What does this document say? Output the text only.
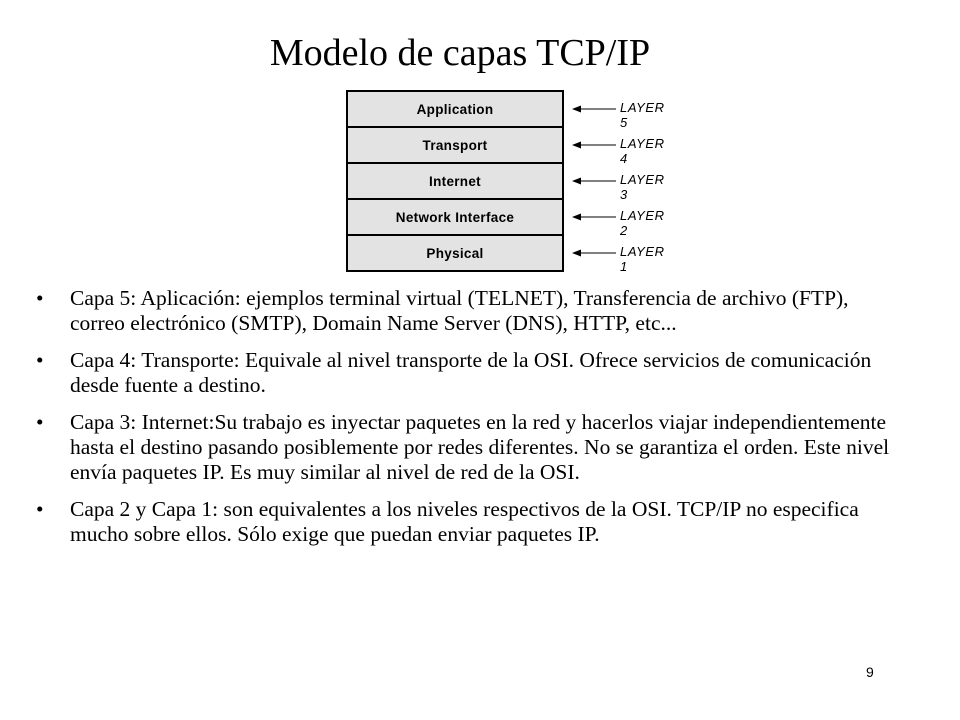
Modelo de capas TCP/IP
Application	LAYER 5
Transport	LAYER 4
Internet	LAYER 3
Network Interface	LAYER 2
Physical	LAYER 1
• Capa 5: Aplicación: ejemplos terminal virtual (TELNET), Transferencia de archivo (FTP), correo electrónico (SMTP), Domain Name Server (DNS), HTTP, etc...
• Capa 4: Transporte: Equivale al nivel transporte de la OSI. Ofrece servicios de comunicación desde fuente a destino.
• Capa 3: Internet:Su trabajo es inyectar paquetes en la red y hacerlos viajar independientemente hasta el destino pasando posiblemente por redes diferentes. No se garantiza el orden. Este nivel envía paquetes IP. Es muy similar al nivel de red de la OSI.
• Capa 2 y Capa 1: son equivalentes a los niveles respectivos de la OSI. TCP/IP no especifica mucho sobre ellos. Sólo exige que puedan enviar paquetes IP.
9
